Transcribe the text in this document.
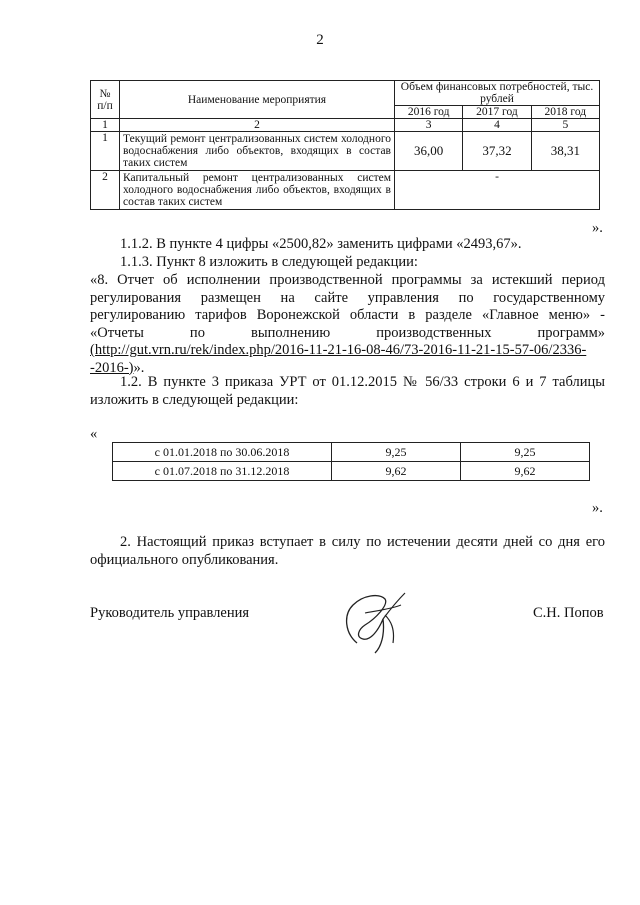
2
№ п/п	Наименование мероприятия	Объем финансовых потребностей, тыс. рублей		
		2016 год	2017 год	2018 год
1	2	3	4	5
1	Текущий ремонт централизованных систем холодного водоснабжения либо объектов, входящих в состав таких систем	36,00	37,32	38,31
2	Капитальный ремонт централизованных систем холодного водоснабжения либо объектов, входящих в состав таких систем	-		
».
1.1.2. В пункте 4 цифры «2500,82» заменить цифрами «2493,67».
1.1.3. Пункт 8 изложить в следующей редакции:
«8. Отчет об исполнении производственной программы за истекший период регулирования размещен на сайте управления по государственному регулированию тарифов Воронежской области в разделе «Главное меню» - «Отчеты по выполнению производственных программ» (http://gut.vrn.ru/rek/index.php/2016-11-21-16-08-46/73-2016-11-21-15-57-06/2336--2016-)».
1.2. В пункте 3 приказа УРТ от 01.12.2015 № 56/33 строки 6 и 7 таблицы изложить в следующей редакции:
«
с 01.01.2018 по 30.06.2018	9,25	9,25
с 01.07.2018 по 31.12.2018	9,62	9,62
».
2. Настоящий приказ вступает в силу по истечении десяти дней со дня его официального опубликования.
Руководитель управления	С.Н. Попов
